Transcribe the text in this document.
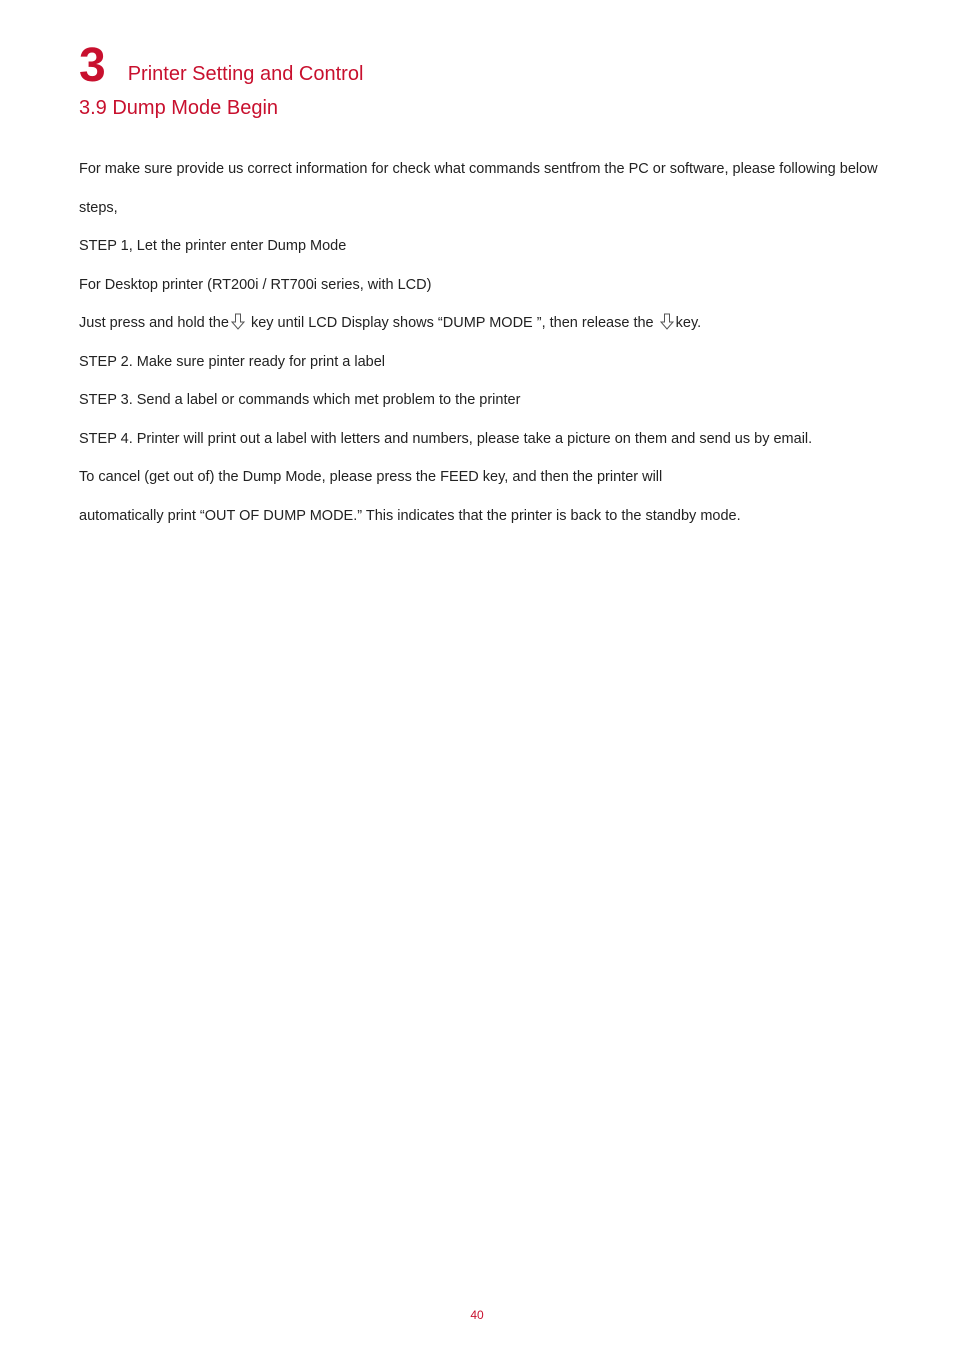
3 Printer Setting and Control
3.9 Dump Mode Begin

For make sure provide us correct information for check what commands sentfrom the PC or software, please following below

steps,

STEP 1, Let the printer enter Dump Mode

For Desktop printer (RT200i / RT700i series, with LCD)

Just press and hold the key until LCD Display shows “DUMP MODE ”, then release the key.

STEP 2. Make sure pinter ready for print a label

STEP 3. Send a label or commands which met problem to the printer

STEP 4. Printer will print out a label with letters and numbers, please take a picture on them and send us by email.

To cancel (get out of) the Dump Mode, please press the FEED key, and then the printer will

automatically print “OUT OF DUMP MODE.” This indicates that the printer is back to the standby mode.

40
